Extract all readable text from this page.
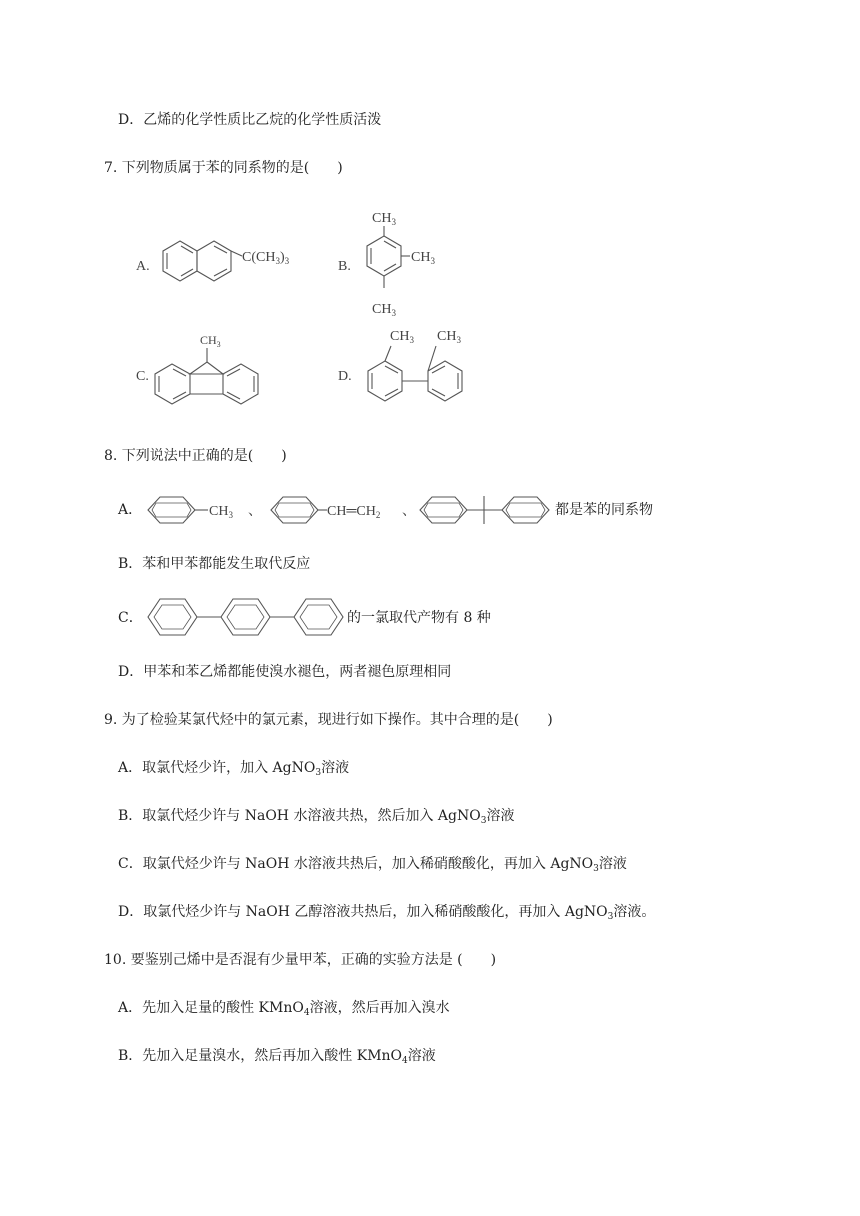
D．乙烯的化学性质比乙烷的化学性质活泼
7. 下列物质属于苯的同系物的是(　　)
A.
$C(CH_3)_3$	B.
$CH_3$
$CH_3$
$CH_3$
C.
$CH_3$
D.
$CH_3$ $CH_3$
8. 下列说法中正确的是(　　)
A．	$CH_3$ 、	$CH═CH_2$ 、	都是苯的同系物
B．苯和甲苯都能发生取代反应
C．	的一氯取代产物有 8 种
D．甲苯和苯乙烯都能使溴水褪色，两者褪色原理相同
9. 为了检验某氯代烃中的氯元素，现进行如下操作。其中合理的是(　　)
A．取氯代烃少许，加入 AgNO$_3$溶液
B．取氯代烃少许与 NaOH 水溶液共热，然后加入 AgNO$_3$溶液
C．取氯代烃少许与 NaOH 水溶液共热后，加入稀硝酸酸化，再加入 AgNO$_3$溶液
D．取氯代烃少许与 NaOH 乙醇溶液共热后，加入稀硝酸酸化，再加入 AgNO$_3$溶液。
10. 要鉴别己烯中是否混有少量甲苯，正确的实验方法是 (　　)
A．先加入足量的酸性 KMnO$_4$溶液，然后再加入溴水
B．先加入足量溴水，然后再加入酸性 KMnO$_4$溶液
